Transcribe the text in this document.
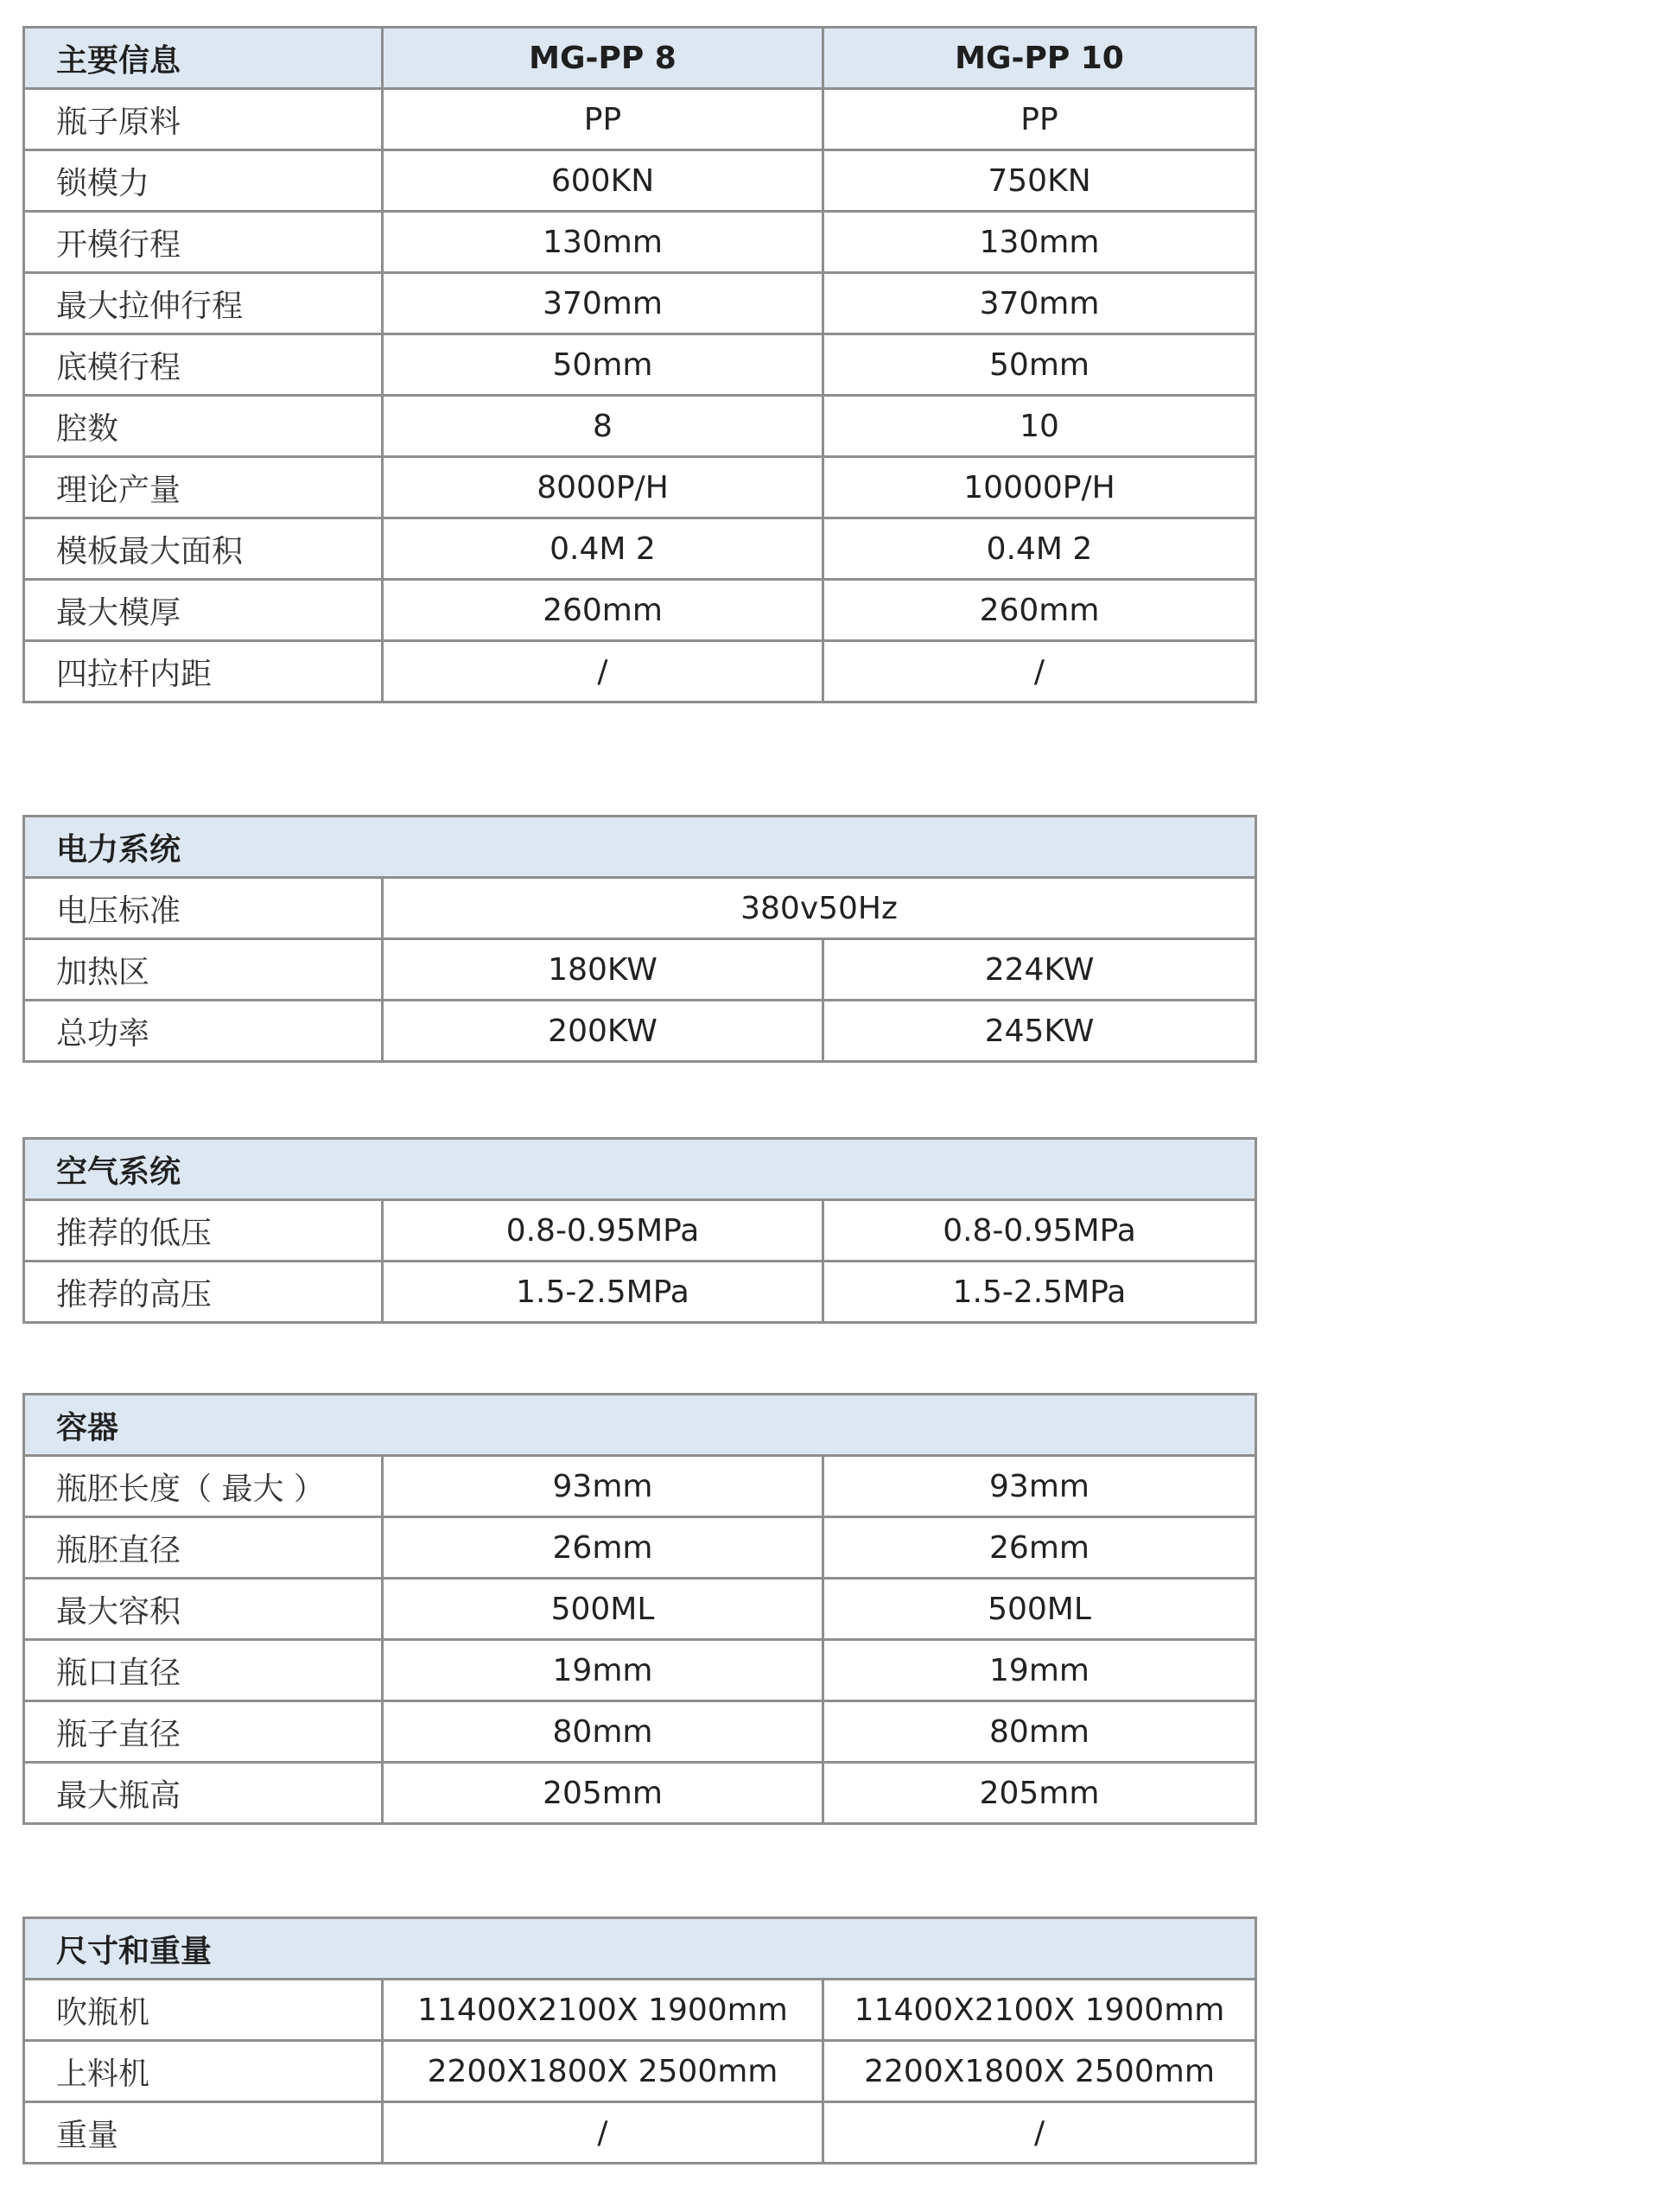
主要信息	MG-PP 8	MG-PP 10
瓶子原料	PP	PP
锁模力	600KN	750KN
开模行程	130mm	130mm
最大拉伸行程	370mm	370mm
底模行程	50mm	50mm
腔数	8	10
理论产量	8000P/H	10000P/H
模板最大面积	0.4M 2	0.4M 2
最大模厚	260mm	260mm
四拉杆内距	/	/
电力系统		
电压标准	380v50Hz	
加热区	180KW	224KW
总功率	200KW	245KW
空气系统		
推荐的低压	0.8-0.95MPa	0.8-0.95MPa
推荐的高压	1.5-2.5MPa	1.5-2.5MPa
容器		
瓶胚长度（ 最大 ）	93mm	93mm
瓶胚直径	26mm	26mm
最大容积	500ML	500ML
瓶口直径	19mm	19mm
瓶子直径	80mm	80mm
最大瓶高	205mm	205mm
尺寸和重量		
吹瓶机	11400X2100X 1900mm	11400X2100X 1900mm
上料机	2200X1800X 2500mm	2200X1800X 2500mm
重量	/	/
